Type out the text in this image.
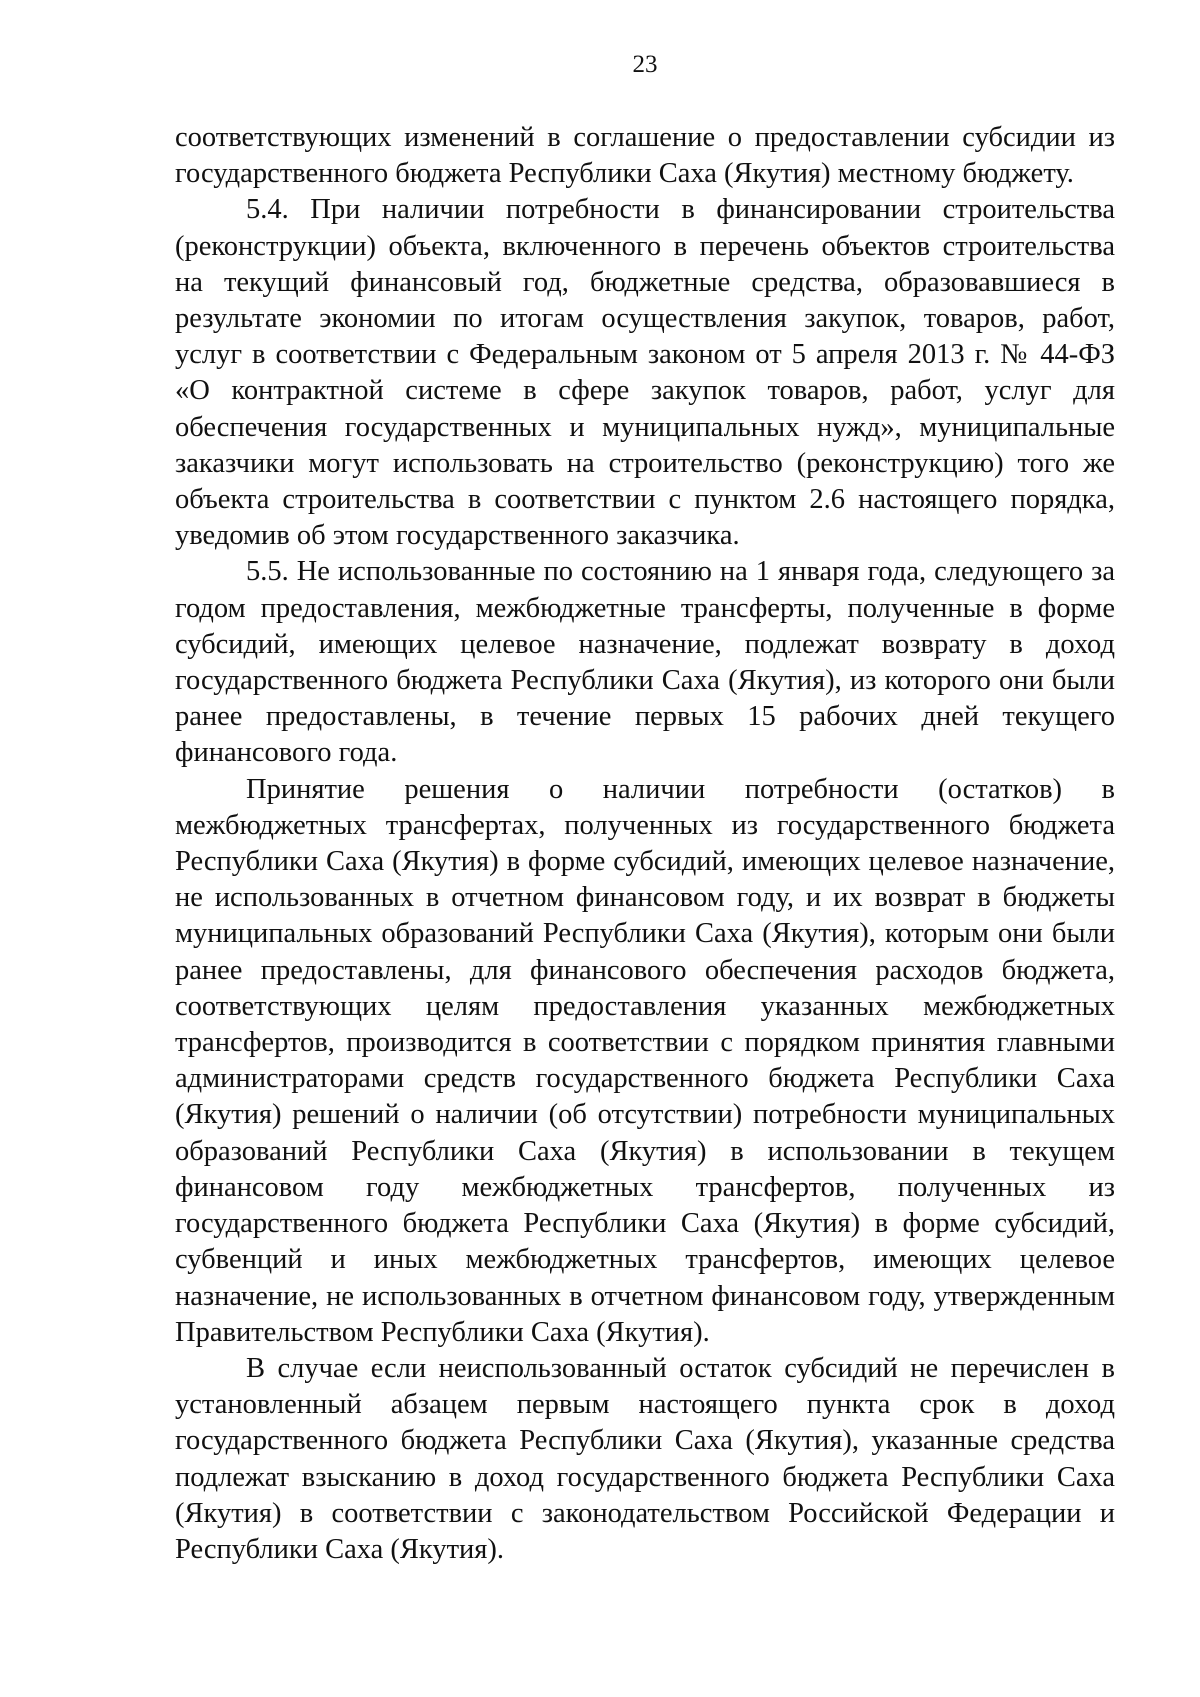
23

соответствующих изменений в соглашение о предоставлении субсидии из государственного бюджета Республики Саха (Якутия) местному бюджету.

5.4. При наличии потребности в финансировании строительства (реконструкции) объекта, включенного в перечень объектов строительства на текущий финансовый год, бюджетные средства, образовавшиеся в результате экономии по итогам осуществления закупок, товаров, работ, услуг в соответствии с Федеральным законом от 5 апреля 2013 г. № 44-ФЗ «О контрактной системе в сфере закупок товаров, работ, услуг для обеспечения государственных и муниципальных нужд», муниципальные заказчики могут использовать на строительство (реконструкцию) того же объекта строительства в соответствии с пунктом 2.6 настоящего порядка, уведомив об этом государственного заказчика.

5.5. Не использованные по состоянию на 1 января года, следующего за годом предоставления, межбюджетные трансферты, полученные в форме субсидий, имеющих целевое назначение, подлежат возврату в доход государственного бюджета Республики Саха (Якутия), из которого они были ранее предоставлены, в течение первых 15 рабочих дней текущего финансового года.

Принятие решения о наличии потребности (остатков) в межбюджетных трансфертах, полученных из государственного бюджета Республики Саха (Якутия) в форме субсидий, имеющих целевое назначение, не использованных в отчетном финансовом году, и их возврат в бюджеты муниципальных образований Республики Саха (Якутия), которым они были ранее предоставлены, для финансового обеспечения расходов бюджета, соответствующих целям предоставления указанных межбюджетных трансфертов, производится в соответствии с порядком принятия главными администраторами средств государственного бюджета Республики Саха (Якутия) решений о наличии (об отсутствии) потребности муниципальных образований Республики Саха (Якутия) в использовании в текущем финансовом году межбюджетных трансфертов, полученных из государственного бюджета Республики Саха (Якутия) в форме субсидий, субвенций и иных межбюджетных трансфертов, имеющих целевое назначение, не использованных в отчетном финансовом году, утвержденным Правительством Республики Саха (Якутия).

В случае если неиспользованный остаток субсидий не перечислен в установленный абзацем первым настоящего пункта срок в доход государственного бюджета Республики Саха (Якутия), указанные средства подлежат взысканию в доход государственного бюджета Республики Саха (Якутия) в соответствии с законодательством Российской Федерации и Республики Саха (Якутия).
